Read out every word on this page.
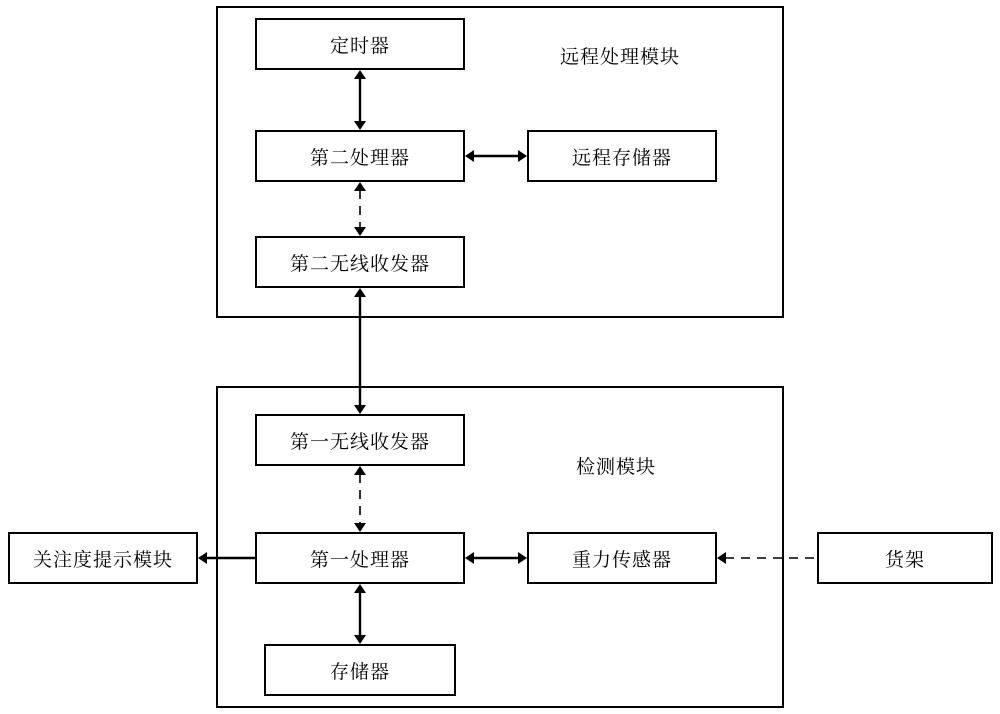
远程处理模块
检测模块
定时器
第二处理器	远程存储器
第二无线收发器
第一无线收发器
关注度提示模块	第一处理器	重力传感器	货架
存储器
